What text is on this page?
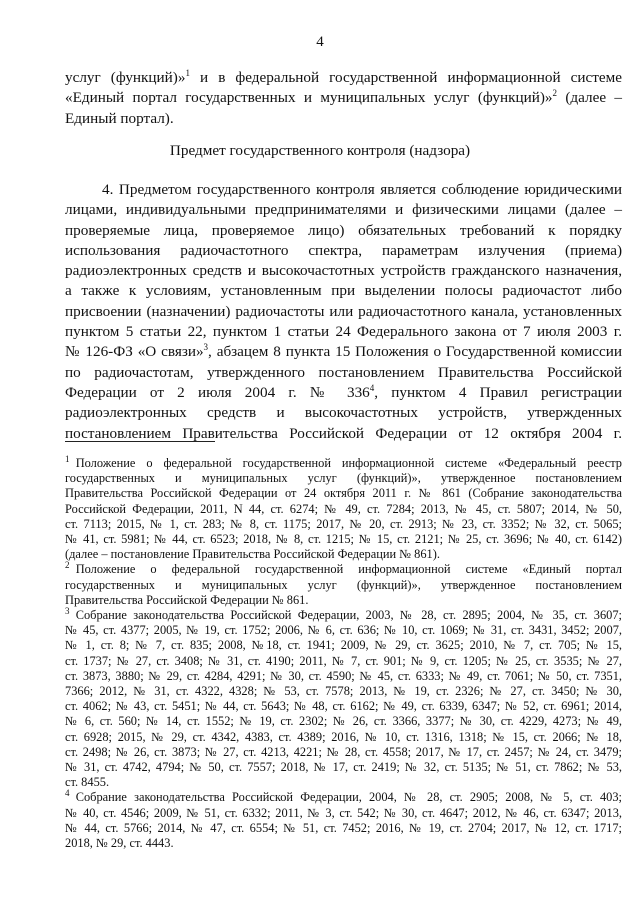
4
услуг (функций)»$^1$ и в федеральной государственной информационной системе
«Единый портал государственных и муниципальных услуг (функций)»$^2$ (далее –
Единый портал).
Предмет государственного контроля (надзора)
4. Предметом государственного контроля является соблюдение юридическими
лицами, индивидуальными предпринимателями и физическими лицами (далее –
проверяемые лица, проверяемое лицо) обязательных требований к порядку
использования радиочастотного спектра, параметрам излучения (приема)
радиоэлектронных средств и высокочастотных устройств гражданского назначения,
а также к условиям, установленным при выделении полосы радиочастот либо
присвоении (назначении) радиочастоты или радиочастотного канала, установленных
пунктом 5 статьи 22, пунктом 1 статьи 24 Федерального закона от 7 июля 2003 г.
№ 126-ФЗ «О связи»$^3$, абзацем 8 пункта 15 Положения о Государственной комиссии
по радиочастотам, утвержденного постановлением Правительства Российской
Федерации от 2 июля 2004 г. № $336^4$, пунктом 4 Правил регистрации
радиоэлектронных средств и высокочастотных устройств, утвержденных
постановлением Правительства Российской Федерации от 12 октября 2004 г.
$^1$  Положение о федеральной государственной информационной системе «Федеральный реестр
государственных и муниципальных услуг (функций)», утвержденное постановлением
Правительства Российской Федерации от 24 октября 2011 г. № 861 (Собрание законодательства
Российской Федерации, 2011, N 44, ст. 6274; № 49, ст. 7284; 2013, № 45, ст. 5807; 2014, № 50,
ст. 7113; 2015, № 1, ст. 283; № 8, ст. 1175; 2017, № 20, ст. 2913; № 23, ст. 3352; № 32, ст. 5065;
№ 41, ст. 5981; № 44, ст. 6523; 2018, № 8, ст. 1215; № 15, ст. 2121; № 25, ст. 3696; № 40, ст. 6142)
(далее – постановление Правительства Российской Федерации № 861).
$^2$  Положение о федеральной государственной информационной системе «Единый портал
государственных и муниципальных услуг (функций)», утвержденное постановлением
Правительства Российской Федерации № 861.
$^3$  Собрание законодательства Российской Федерации, 2003, № 28, ст. 2895; 2004, № 35, ст. 3607;
№ 45, ст. 4377; 2005, № 19, ст. 1752; 2006, № 6, ст. 636; № 10, ст. 1069; № 31, ст. 3431, 3452; 2007,
№ 1, ст. 8; № 7, ст. 835; 2008, №18, ст. 1941; 2009, № 29, ст. 3625; 2010, № 7, ст. 705; № 15,
ст. 1737; № 27, ст. 3408; № 31, ст. 4190; 2011, № 7, ст. 901; № 9, ст. 1205; № 25, ст. 3535; № 27,
ст. 3873, 3880; № 29, ст. 4284, 4291; № 30, ст. 4590; № 45, ст. 6333; № 49, ст. 7061; № 50, ст. 7351,
7366; 2012, № 31, ст. 4322, 4328; № 53, ст. 7578; 2013, № 19, ст. 2326; № 27, ст. 3450; № 30,
ст. 4062; № 43, ст. 5451; № 44, ст. 5643; № 48, ст. 6162; № 49, ст. 6339, 6347; № 52, ст. 6961; 2014,
№ 6, ст. 560; № 14, ст. 1552; № 19, ст. 2302; № 26, ст. 3366, 3377; № 30, ст. 4229, 4273; № 49,
ст. 6928; 2015, № 29, ст. 4342, 4383, ст. 4389; 2016, № 10, ст. 1316, 1318; № 15, ст. 2066; № 18,
ст. 2498; № 26, ст. 3873; № 27, ст. 4213, 4221; № 28, ст. 4558; 2017, № 17, ст. 2457; № 24, ст. 3479;
№ 31, ст. 4742, 4794; № 50, ст. 7557; 2018, № 17, ст. 2419; № 32, ст. 5135; № 51, ст. 7862; № 53,
ст. 8455.
$^4$  Собрание законодательства Российской Федерации, 2004, № 28, ст. 2905; 2008, № 5, ст. 403;
№ 40, ст. 4546; 2009, № 51, ст. 6332; 2011, № 3, ст. 542; № 30, ст. 4647; 2012, № 46, ст. 6347; 2013,
№ 44, ст. 5766; 2014, № 47, ст. 6554; № 51, ст. 7452; 2016, № 19, ст. 2704; 2017, № 12, ст. 1717;
2018, № 29, ст. 4443.
